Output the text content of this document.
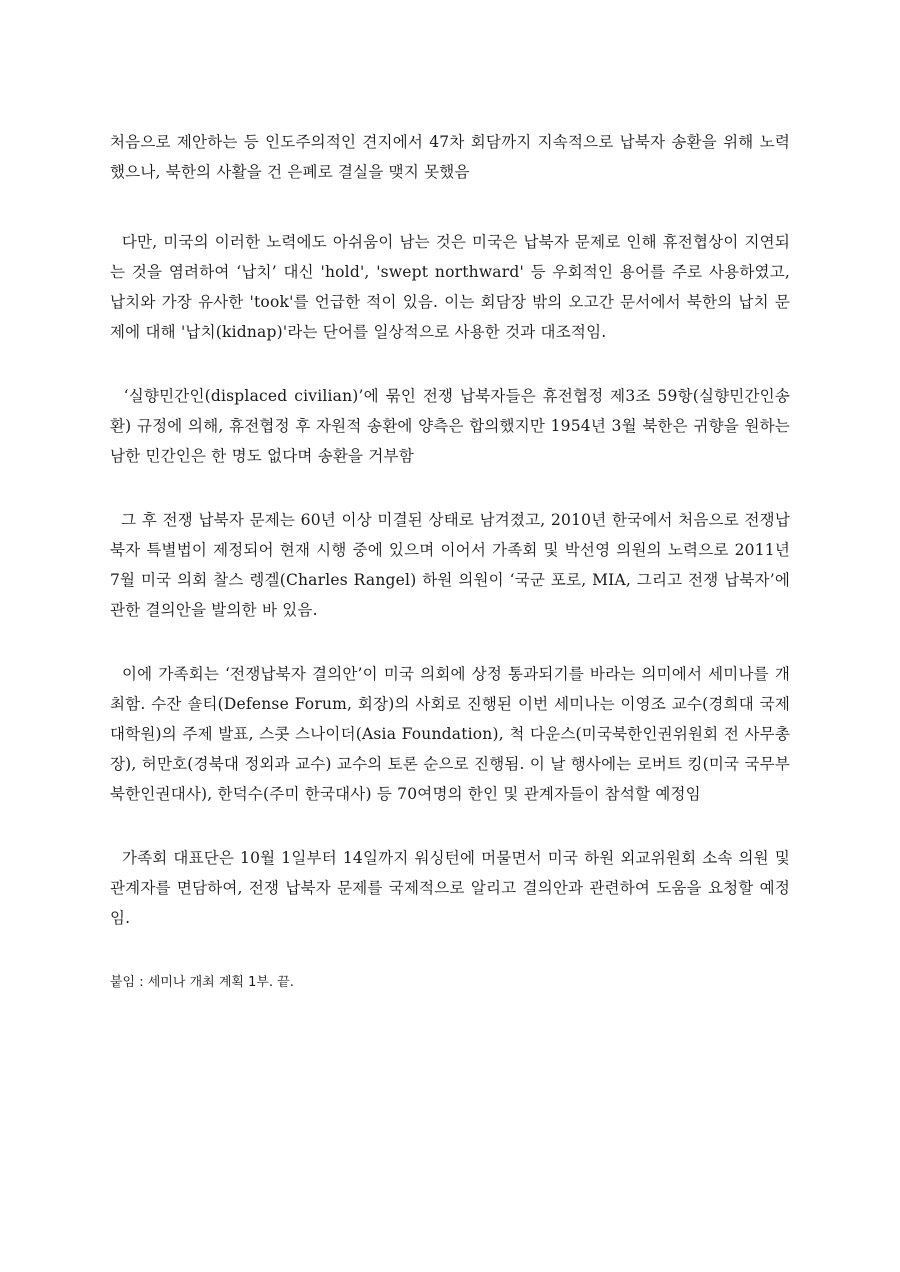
처음으로 제안하는 등 인도주의적인 견지에서 47차 회담까지 지속적으로 납북자 송환을 위해 노력했으나, 북한의 사활을 건 은폐로 결실을 맺지 못했음

다만, 미국의 이러한 노력에도 아쉬움이 남는 것은 미국은 납북자 문제로 인해 휴전협상이 지연되는 것을 염려하여 ‘납치’ 대신 'hold', 'swept northward' 등 우회적인 용어를 주로 사용하였고, 납치와 가장 유사한 'took'를 언급한 적이 있음. 이는 회담장 밖의 오고간 문서에서 북한의 납치 문제에 대해 '납치(kidnap)'라는 단어를 일상적으로 사용한 것과 대조적임.

‘실향민간인(displaced civilian)’에 묶인 전쟁 납북자들은 휴전협정 제3조 59항(실향민간인송환) 규정에 의해, 휴전협정 후 자원적 송환에 양측은 합의했지만 1954년 3월 북한은 귀향을 원하는 남한 민간인은 한 명도 없다며 송환을 거부함

그 후 전쟁 납북자 문제는 60년 이상 미결된 상태로 남겨졌고, 2010년 한국에서 처음으로 전쟁납북자 특별법이 제정되어 현재 시행 중에 있으며 이어서 가족회 및 박선영 의원의 노력으로 2011년 7월 미국 의회 찰스 렝겔(Charles Rangel) 하원 의원이 ‘국군 포로, MIA, 그리고 전쟁 납북자’에 관한 결의안을 발의한 바 있음.

이에 가족회는 ‘전쟁납북자 결의안’이 미국 의회에 상정 통과되기를 바라는 의미에서 세미나를 개최함. 수잔 숄티(Defense Forum, 회장)의 사회로 진행된 이번 세미나는 이영조 교수(경희대 국제대학원)의 주제 발표, 스콧 스나이더(Asia Foundation), 척 다운스(미국북한인권위원회 전 사무총장), 허만호(경북대 정외과 교수) 교수의 토론 순으로 진행됨. 이 날 행사에는 로버트 킹(미국 국무부 북한인권대사), 한덕수(주미 한국대사) 등 70여명의 한인 및 관계자들이 참석할 예정임

가족회 대표단은 10월 1일부터 14일까지 워싱턴에 머물면서 미국 하원 외교위원회 소속 의원 및 관계자를 면담하여, 전쟁 납북자 문제를 국제적으로 알리고 결의안과 관련하여 도움을 요청할 예정임.

붙임 : 세미나 개최 계획 1부. 끝.
